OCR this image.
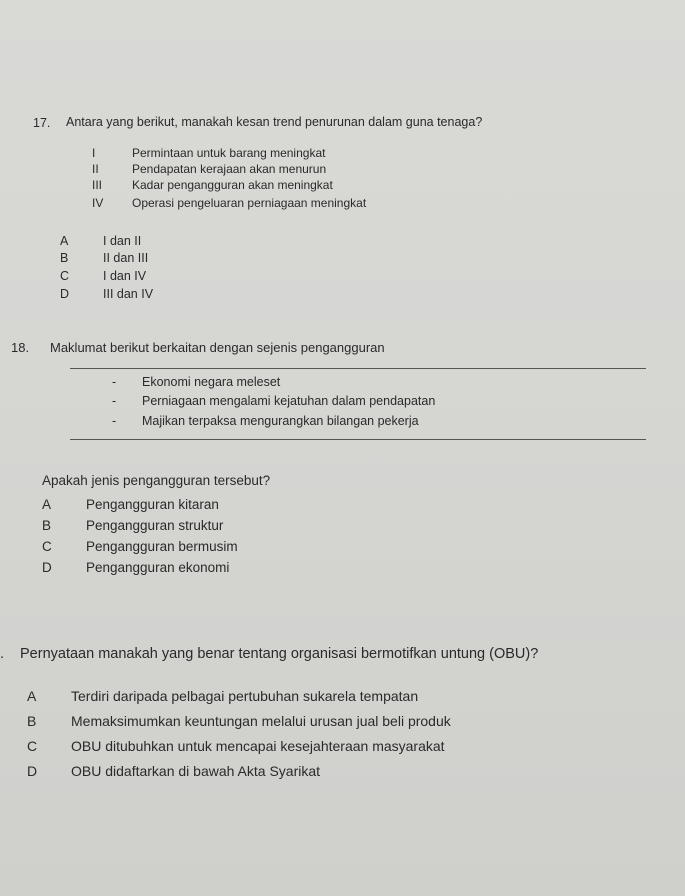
17. Antara yang berikut, manakah kesan trend penurunan dalam guna tenaga?
I	Permintaan untuk barang meningkat
II	Pendapatan kerajaan akan menurun
III	Kadar pengangguran akan meningkat
IV	Operasi pengeluaran perniagaan meningkat
A	I dan II
B	II dan III
C	I dan IV
D	III dan IV
18. Maklumat berikut berkaitan dengan sejenis pengangguran
- Ekonomi negara meleset
- Perniagaan mengalami kejatuhan dalam pendapatan
- Majikan terpaksa mengurangkan bilangan pekerja
Apakah jenis pengangguran tersebut?
A	Pengangguran kitaran
B	Pengangguran struktur
C	Pengangguran bermusim
D	Pengangguran ekonomi
. Pernyataan manakah yang benar tentang organisasi bermotifkan untung (OBU)?
A	Terdiri daripada pelbagai pertubuhan sukarela tempatan
B	Memaksimumkan keuntungan melalui urusan jual beli produk
C	OBU ditubuhkan untuk mencapai kesejahteraan masyarakat
D	OBU didaftarkan di bawah Akta Syarikat
